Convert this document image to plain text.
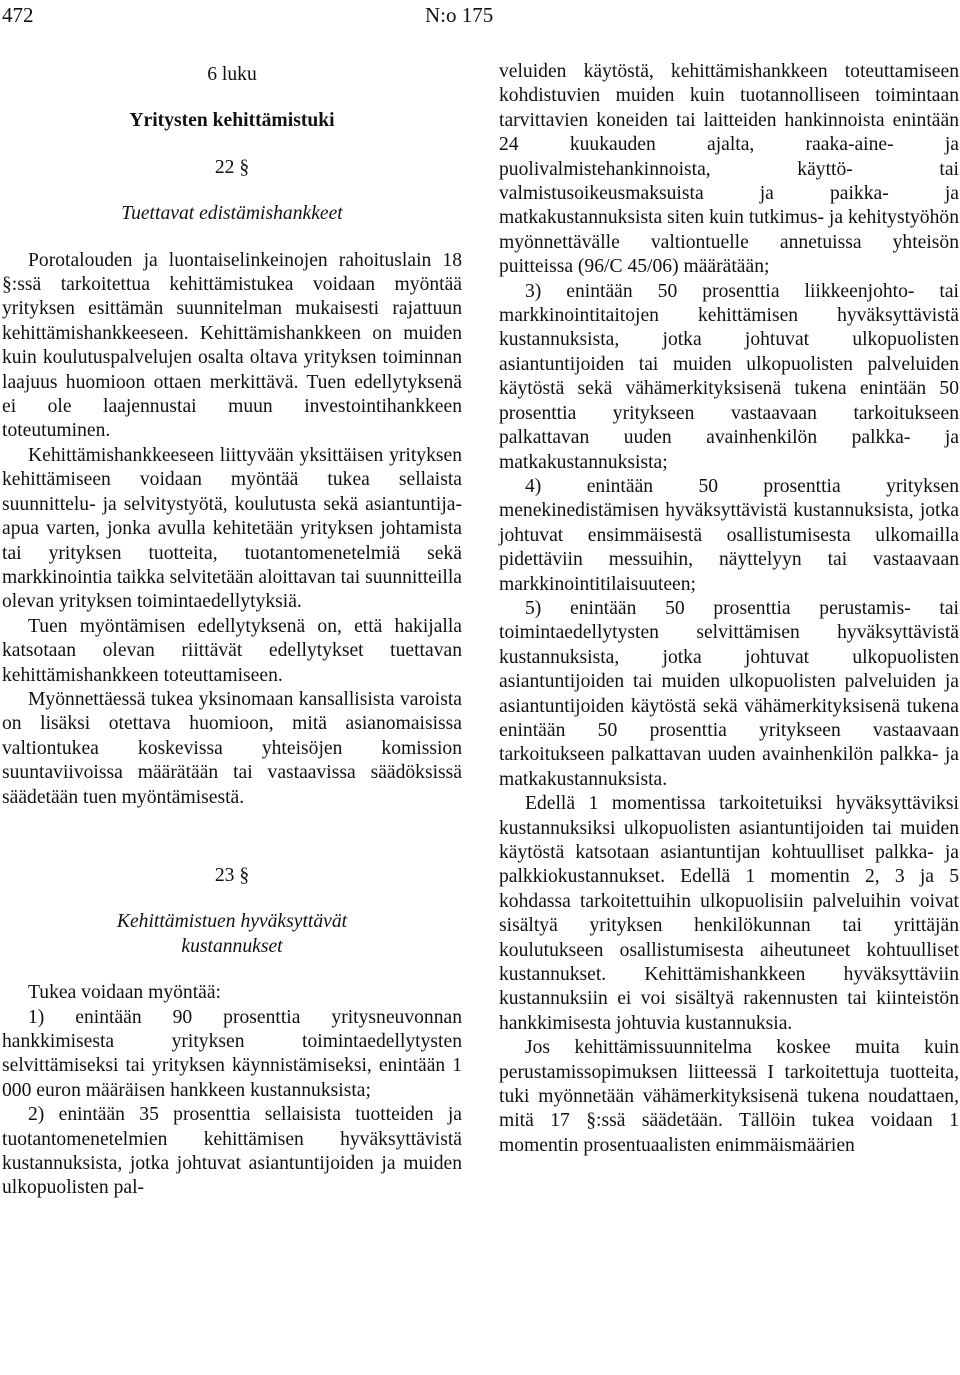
472	N:o 175
6 luku
Yritysten kehittämistuki
22 §
Tuettavat edistämishankkeet

Porotalouden ja luontaiselinkeinojen rahoituslain 18 §:ssä tarkoitettua kehittämistukea voidaan myöntää yrityksen esittämän suunnitelman mukaisesti rajattuun kehittämishankkeeseen. Kehittämishankkeen on muiden kuin koulutuspalvelujen osalta oltava yrityksen toiminnan laajuus huomioon ottaen merkittävä. Tuen edellytyksenä ei ole laajennustai muun investointihankkeen toteutuminen.

Kehittämishankkeeseen liittyvään yksittäisen yrityksen kehittämiseen voidaan myöntää tukea sellaista suunnittelu- ja selvitystyötä, koulutusta sekä asiantuntija-apua varten, jonka avulla kehitetään yrityksen johtamista tai yrityksen tuotteita, tuotantomenetelmiä sekä markkinointia taikka selvitetään aloittavan tai suunnitteilla olevan yrityksen toimintaedellytyksiä.

Tuen myöntämisen edellytyksenä on, että hakijalla katsotaan olevan riittävät edellytykset tuettavan kehittämishankkeen toteuttamiseen.

Myönnettäessä tukea yksinomaan kansallisista varoista on lisäksi otettava huomioon, mitä asianomaisissa valtiontukea koskevissa yhteisöjen komission suuntaviivoissa määrätään tai vastaavissa säädöksissä säädetään tuen myöntämisestä.

23 §
Kehittämistuen hyväksyttävät
kustannukset

Tukea voidaan myöntää:

1) enintään 90 prosenttia yritysneuvonnan hankkimisesta yrityksen toimintaedellytysten selvittämiseksi tai yrityksen käynnistämiseksi, enintään 1 000 euron määräisen hankkeen kustannuksista;

2) enintään 35 prosenttia sellaisista tuotteiden ja tuotantomenetelmien kehittämisen hyväksyttävistä kustannuksista, jotka johtuvat asiantuntijoiden ja muiden ulkopuolisten pal-

veluiden käytöstä, kehittämishankkeen toteuttamiseen kohdistuvien muiden kuin tuotannolliseen toimintaan tarvittavien koneiden tai laitteiden hankinnoista enintään 24 kuukauden ajalta, raaka-aine- ja puolivalmistehankinnoista, käyttö- tai valmistusoikeusmaksuista ja paikka- ja matkakustannuksista siten kuin tutkimus- ja kehitystyöhön myönnettävälle valtiontuelle annetuissa yhteisön puitteissa (96/C 45/06) määrätään;

3) enintään 50 prosenttia liikkeenjohto- tai markkinointitaitojen kehittämisen hyväksyttävistä kustannuksista, jotka johtuvat ulkopuolisten asiantuntijoiden tai muiden ulkopuolisten palveluiden käytöstä sekä vähämerkityksisenä tukena enintään 50 prosenttia yritykseen vastaavaan tarkoitukseen palkattavan uuden avainhenkilön palkka- ja matkakustannuksista;

4) enintään 50 prosenttia yrityksen menekinedistämisen hyväksyttävistä kustannuksista, jotka johtuvat ensimmäisestä osallistumisesta ulkomailla pidettäviin messuihin, näyttelyyn tai vastaavaan markkinointitilaisuuteen;

5) enintään 50 prosenttia perustamis- tai toimintaedellytysten selvittämisen hyväksyttävistä kustannuksista, jotka johtuvat ulkopuolisten asiantuntijoiden tai muiden ulkopuolisten palveluiden ja asiantuntijoiden käytöstä sekä vähämerkityksisenä tukena enintään 50 prosenttia yritykseen vastaavaan tarkoitukseen palkattavan uuden avainhenkilön palkka- ja matkakustannuksista.

Edellä 1 momentissa tarkoitetuiksi hyväksyttäviksi kustannuksiksi ulkopuolisten asiantuntijoiden tai muiden käytöstä katsotaan asiantuntijan kohtuulliset palkka- ja palkkiokustannukset. Edellä 1 momentin 2, 3 ja 5 kohdassa tarkoitettuihin ulkopuolisiin palveluihin voivat sisältyä yrityksen henkilökunnan tai yrittäjän koulutukseen osallistumisesta aiheutuneet kohtuulliset kustannukset. Kehittämishankkeen hyväksyttäviin kustannuksiin ei voi sisältyä rakennusten tai kiinteistön hankkimisesta johtuvia kustannuksia.

Jos kehittämissuunnitelma koskee muita kuin perustamissopimuksen liitteessä I tarkoitettuja tuotteita, tuki myönnetään vähämerkityksisenä tukena noudattaen, mitä 17 §:ssä säädetään. Tällöin tukea voidaan 1 momentin prosentuaalisten enimmäismäärien
